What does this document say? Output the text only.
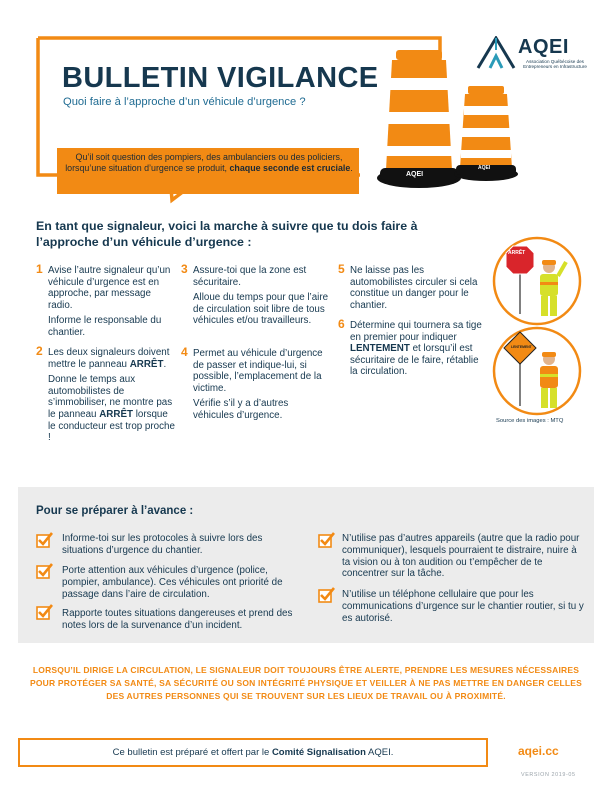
AQEI
AQEI
BULLETIN VIGILANCE
Quoi faire à l’approche d’un véhicule d’urgence ?
Qu’il soit question des pompiers, des ambulanciers ou des policiers, lorsqu’une situation d’urgence se produit, chaque seconde est cruciale.
AQEI
Association Québécoise des Entrepreneurs en Infrastructure
En tant que signaleur, voici la marche à suivre que tu dois faire à l’approche d’un véhicule d’urgence :
1 Avise l’autre signaleur qu’un véhicule d’urgence est en approche, par message radio.

Informe le responsable du chantier.

2 Les deux signaleurs doivent mettre le panneau ARRÊT.

Donne le temps aux automobilistes de s’immobiliser, ne montre pas le panneau ARRÊT lorsque le conducteur est trop proche !

3 Assure-toi que la zone est sécuritaire.

Alloue du temps pour que l’aire de circulation soit libre de tous véhicules et/ou travailleurs.

4 Permet au véhicule d’urgence de passer et indique-lui, si possible, l’emplacement de la victime.

Vérifie s’il y a d’autres véhicules d’urgence.

5 Ne laisse pas les automobilistes circuler si cela constitue un danger pour le chantier.

6 Détermine qui tournera sa tige en premier pour indiquer LENTEMENT et lorsqu’il est sécuritaire de le faire, rétablie la circulation.

ARRÊT
LENTEMENT
Source des images : MTQ
Pour se préparer à l’avance :
Informe-toi sur les protocoles à suivre lors des situations d’urgence du chantier.
Porte attention aux véhicules d’urgence (police, pompier, ambulance). Ces véhicules ont priorité de passage dans l’aire de circulation.
Rapporte toutes situations dangereuses et prend des notes lors de la survenance d’un incident.
N’utilise pas d’autres appareils (autre que la radio pour communiquer), lesquels pourraient te distraire, nuire à ta vision ou à ton audition ou t’empêcher de te concentrer sur la tâche.
N’utilise un téléphone cellulaire que pour les communications d’urgence sur le chantier routier, si tu y es autorisé.
LORSQU’IL DIRIGE LA CIRCULATION, LE SIGNALEUR DOIT TOUJOURS ÊTRE ALERTE, PRENDRE LES MESURES NÉCESSAIRES POUR PROTÉGER SA SANTÉ, SA SÉCURITÉ OU SON INTÉGRITÉ PHYSIQUE ET VEILLER À NE PAS METTRE EN DANGER CELLES DES AUTRES PERSONNES QUI SE TROUVENT SUR LES LIEUX DE TRAVAIL OU À PROXIMITÉ.
Ce bulletin est préparé et offert par le Comité Signalisation AQEI.	aqei.cc
VERSION 2019-05
